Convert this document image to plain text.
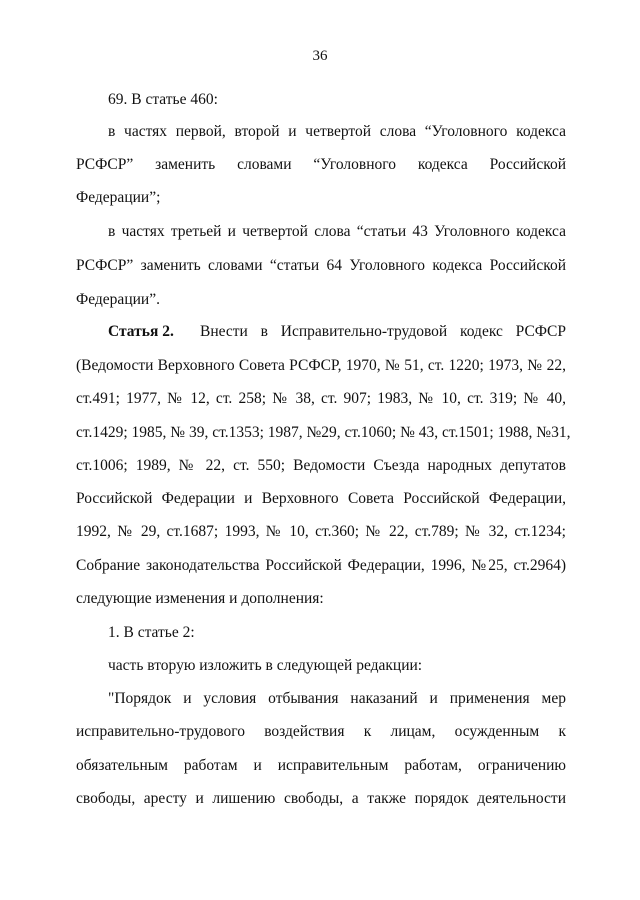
36
69. В статье 460:
в частях первой, второй и четвертой слова “Уголовного кодекса
РСФСР” заменить словами “Уголовного кодекса Российской
Федерации”;
в частях третьей и четвертой слова “статьи 43 Уголовного кодекса
РСФСР” заменить словами “статьи 64 Уголовного кодекса Российской
Федерации”.
Статья 2. Внести в Исправительно-трудовой кодекс РСФСР
(Ведомости Верховного Совета РСФСР, 1970, № 51, ст. 1220; 1973, № 22,
ст.491; 1977, № 12, ст. 258; № 38, ст. 907; 1983, № 10, ст. 319; № 40,
ст.1429; 1985, № 39, ст.1353; 1987, №29, ст.1060; № 43, ст.1501; 1988, №31,
ст.1006; 1989, № 22, ст. 550; Ведомости Съезда народных депутатов
Российской Федерации и Верховного Совета Российской Федерации,
1992, № 29, ст.1687; 1993, № 10, ст.360; № 22, ст.789; № 32, ст.1234;
Собрание законодательства Российской Федерации, 1996, №25, ст.2964)
следующие изменения и дополнения:
1. В статье 2:
часть вторую изложить в следующей редакции:
"Порядок и условия отбывания наказаний и применения мер
исправительно-трудового воздействия к лицам, осужденным к
обязательным работам и исправительным работам, ограничению
свободы, аресту и лишению свободы, а также порядок деятельности
